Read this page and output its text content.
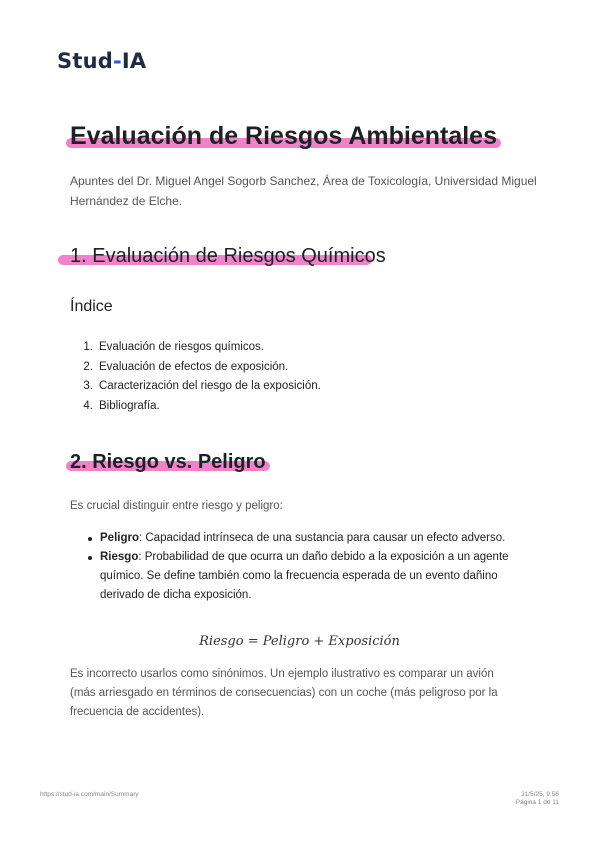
Stud-IA
Evaluación de Riesgos Ambientales

Apuntes del Dr. Miguel Angel Sogorb Sanchez, Área de Toxicología, Universidad Miguel Hernández de Elche.

1. Evaluación de Riesgos Químicos
Índice
1. Evaluación de riesgos químicos.
2. Evaluación de efectos de exposición.
3. Caracterización del riesgo de la exposición.
4. Bibliografía.
2. Riesgo vs. Peligro

Es crucial distinguir entre riesgo y peligro:

Peligro: Capacidad intrínseca de una sustancia para causar un efecto adverso.
Riesgo: Probabilidad de que ocurra un daño debido a la exposición a un agente químico. Se define también como la frecuencia esperada de un evento dañino derivado de dicha exposición.
Riesgo = Peligro + Exposición

Es incorrecto usarlos como sinónimos. Un ejemplo ilustrativo es comparar un avión (más arriesgado en términos de consecuencias) con un coche (más peligroso por la frecuencia de accidentes).

https://stud-ia.com/main/Summary	31/5/25, 9:56
Página 1 de 11
